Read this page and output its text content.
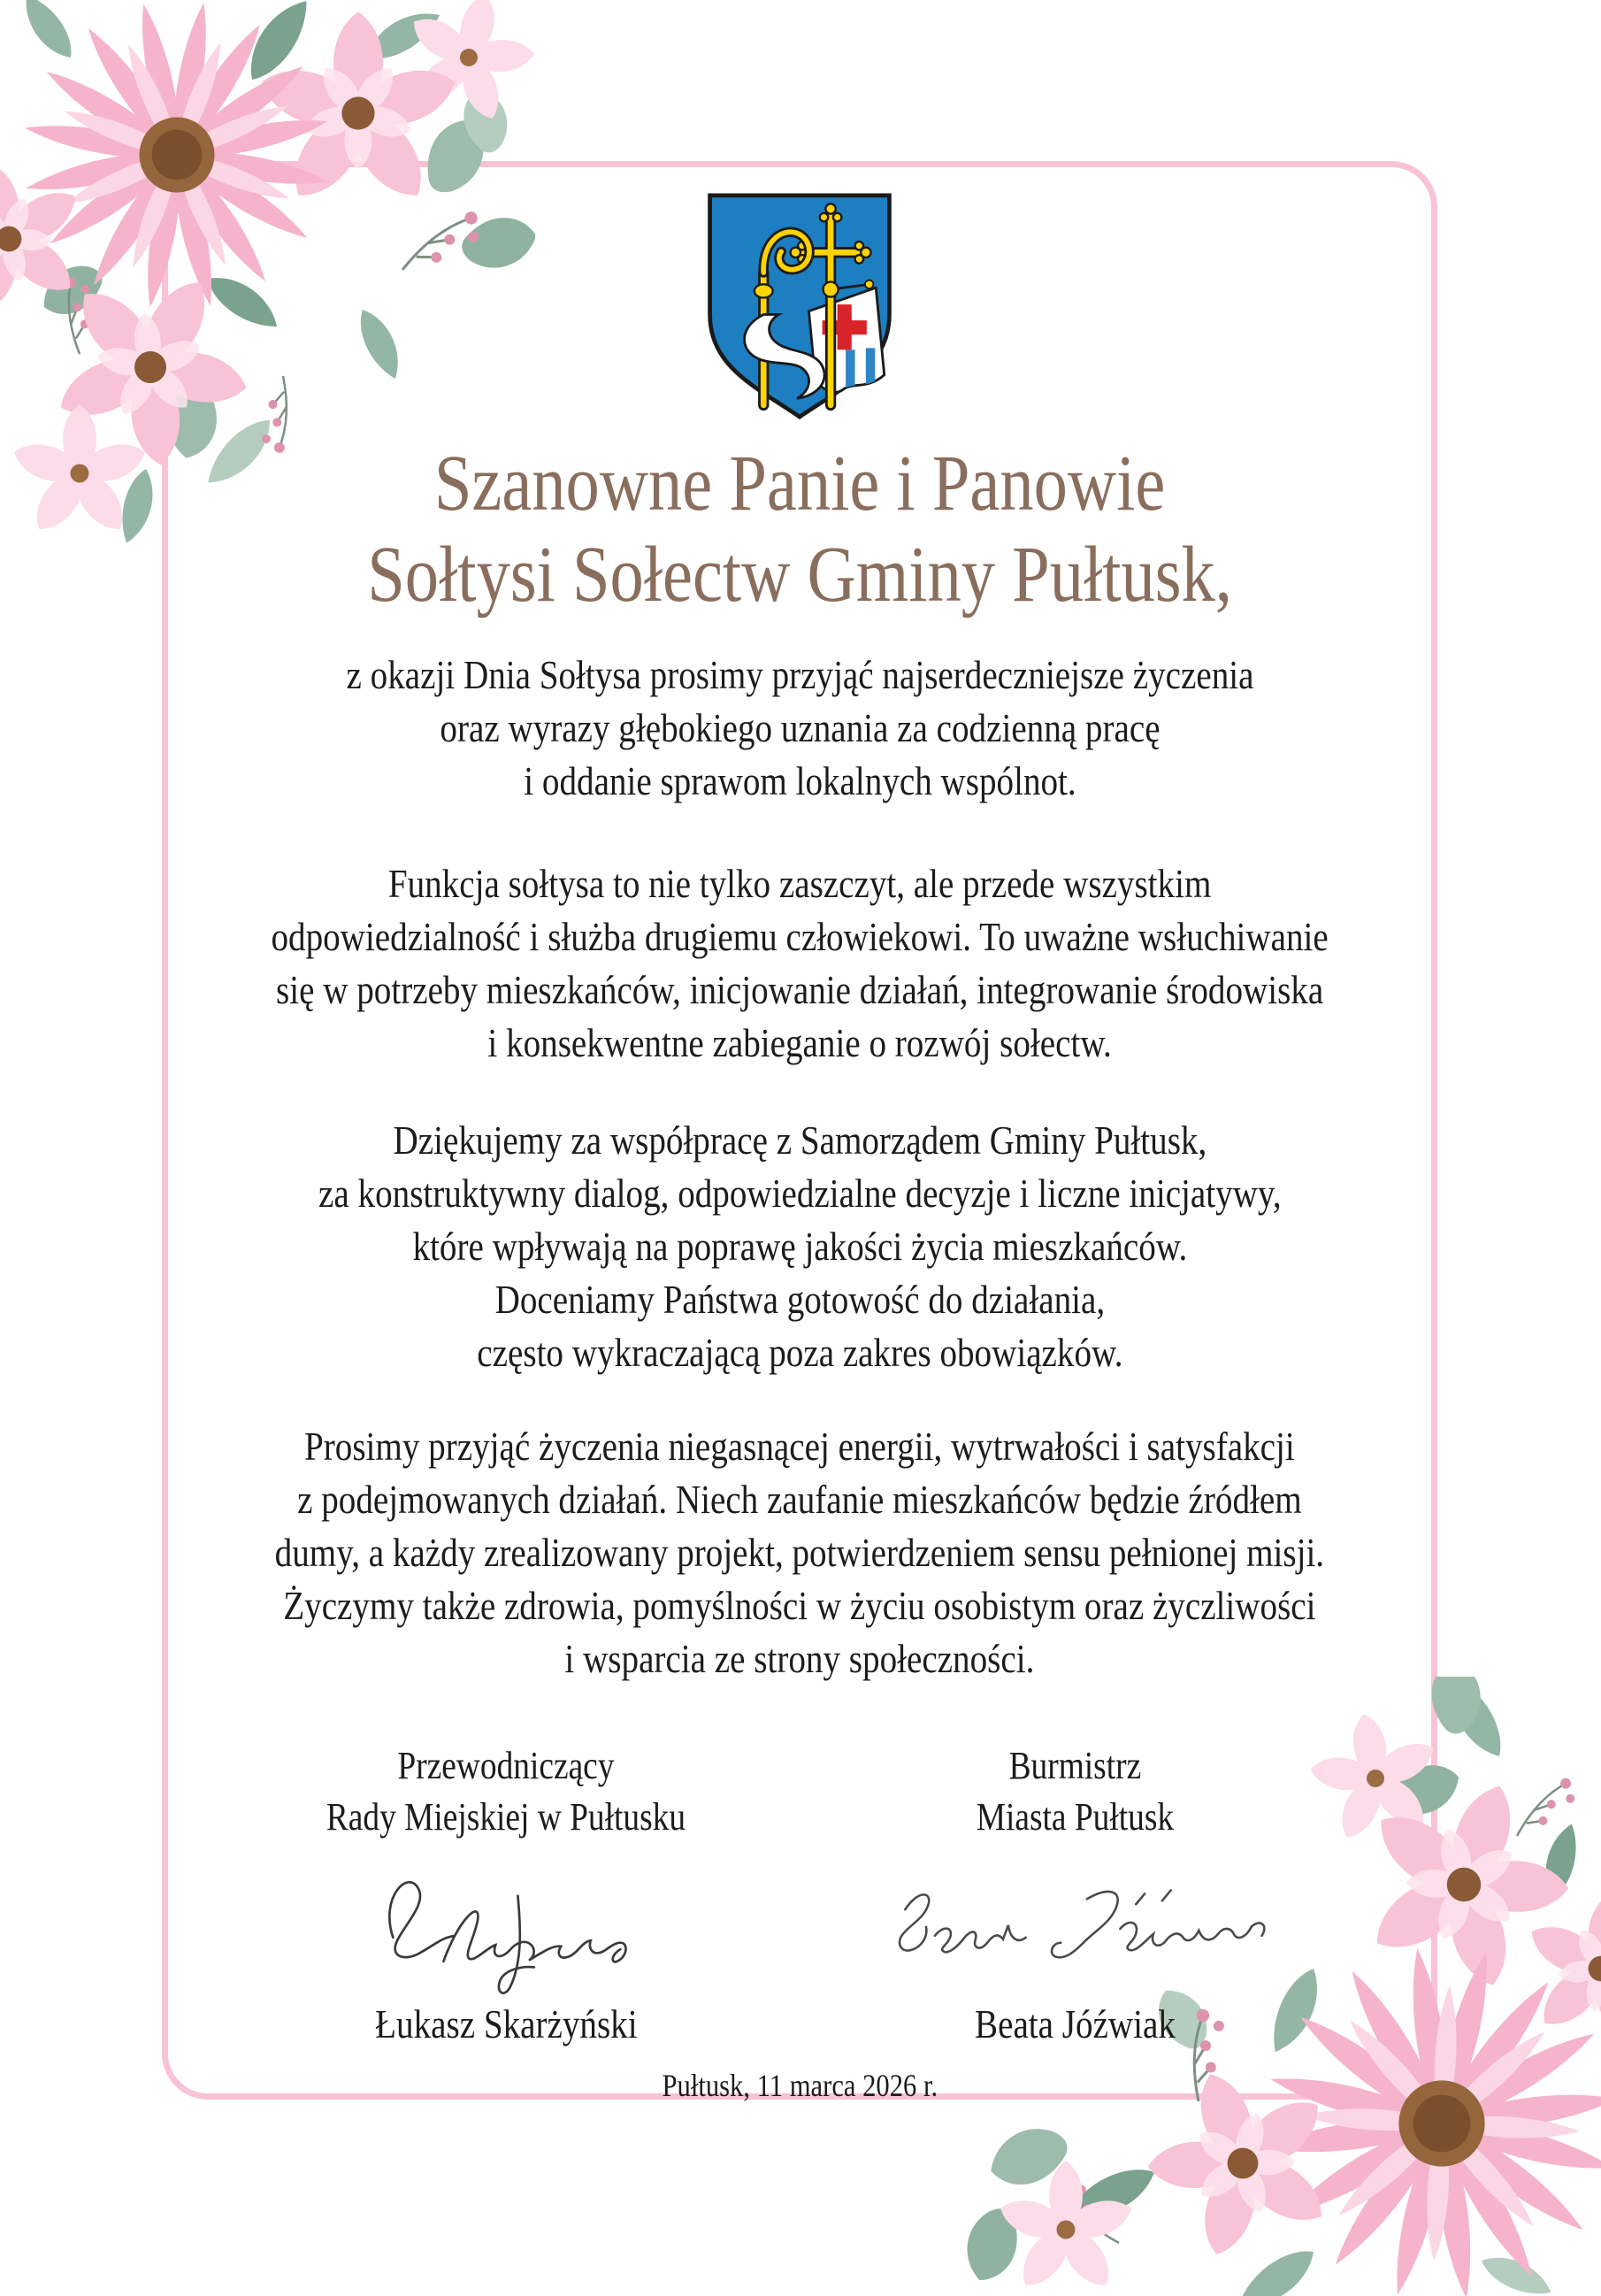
Szanowne Panie i Panowie
Sołtysi Sołectw Gminy Pułtusk,
z okazji Dnia Sołtysa prosimy przyjąć najserdeczniejsze życzenia
oraz wyrazy głębokiego uznania za codzienną pracę
i oddanie sprawom lokalnych wspólnot.
Funkcja sołtysa to nie tylko zaszczyt, ale przede wszystkim
odpowiedzialność i służba drugiemu człowiekowi. To uważne wsłuchiwanie
się w potrzeby mieszkańców, inicjowanie działań, integrowanie środowiska
i konsekwentne zabieganie o rozwój sołectw.
Dziękujemy za współpracę z Samorządem Gminy Pułtusk,
za konstruktywny dialog, odpowiedzialne decyzje i liczne inicjatywy,
które wpływają na poprawę jakości życia mieszkańców.
Doceniamy Państwa gotowość do działania,
często wykraczającą poza zakres obowiązków.
Prosimy przyjąć życzenia niegasnącej energii, wytrwałości i satysfakcji
z podejmowanych działań. Niech zaufanie mieszkańców będzie źródłem
dumy, a każdy zrealizowany projekt, potwierdzeniem sensu pełnionej misji.
Życzymy także zdrowia, pomyślności w życiu osobistym oraz życzliwości
i wsparcia ze strony społeczności.
Przewodniczący
Rady Miejskiej w Pułtusku
Łukasz Skarżyński
Burmistrz
Miasta Pułtusk
Beata Jóźwiak
Pułtusk, 11 marca 2026 r.
